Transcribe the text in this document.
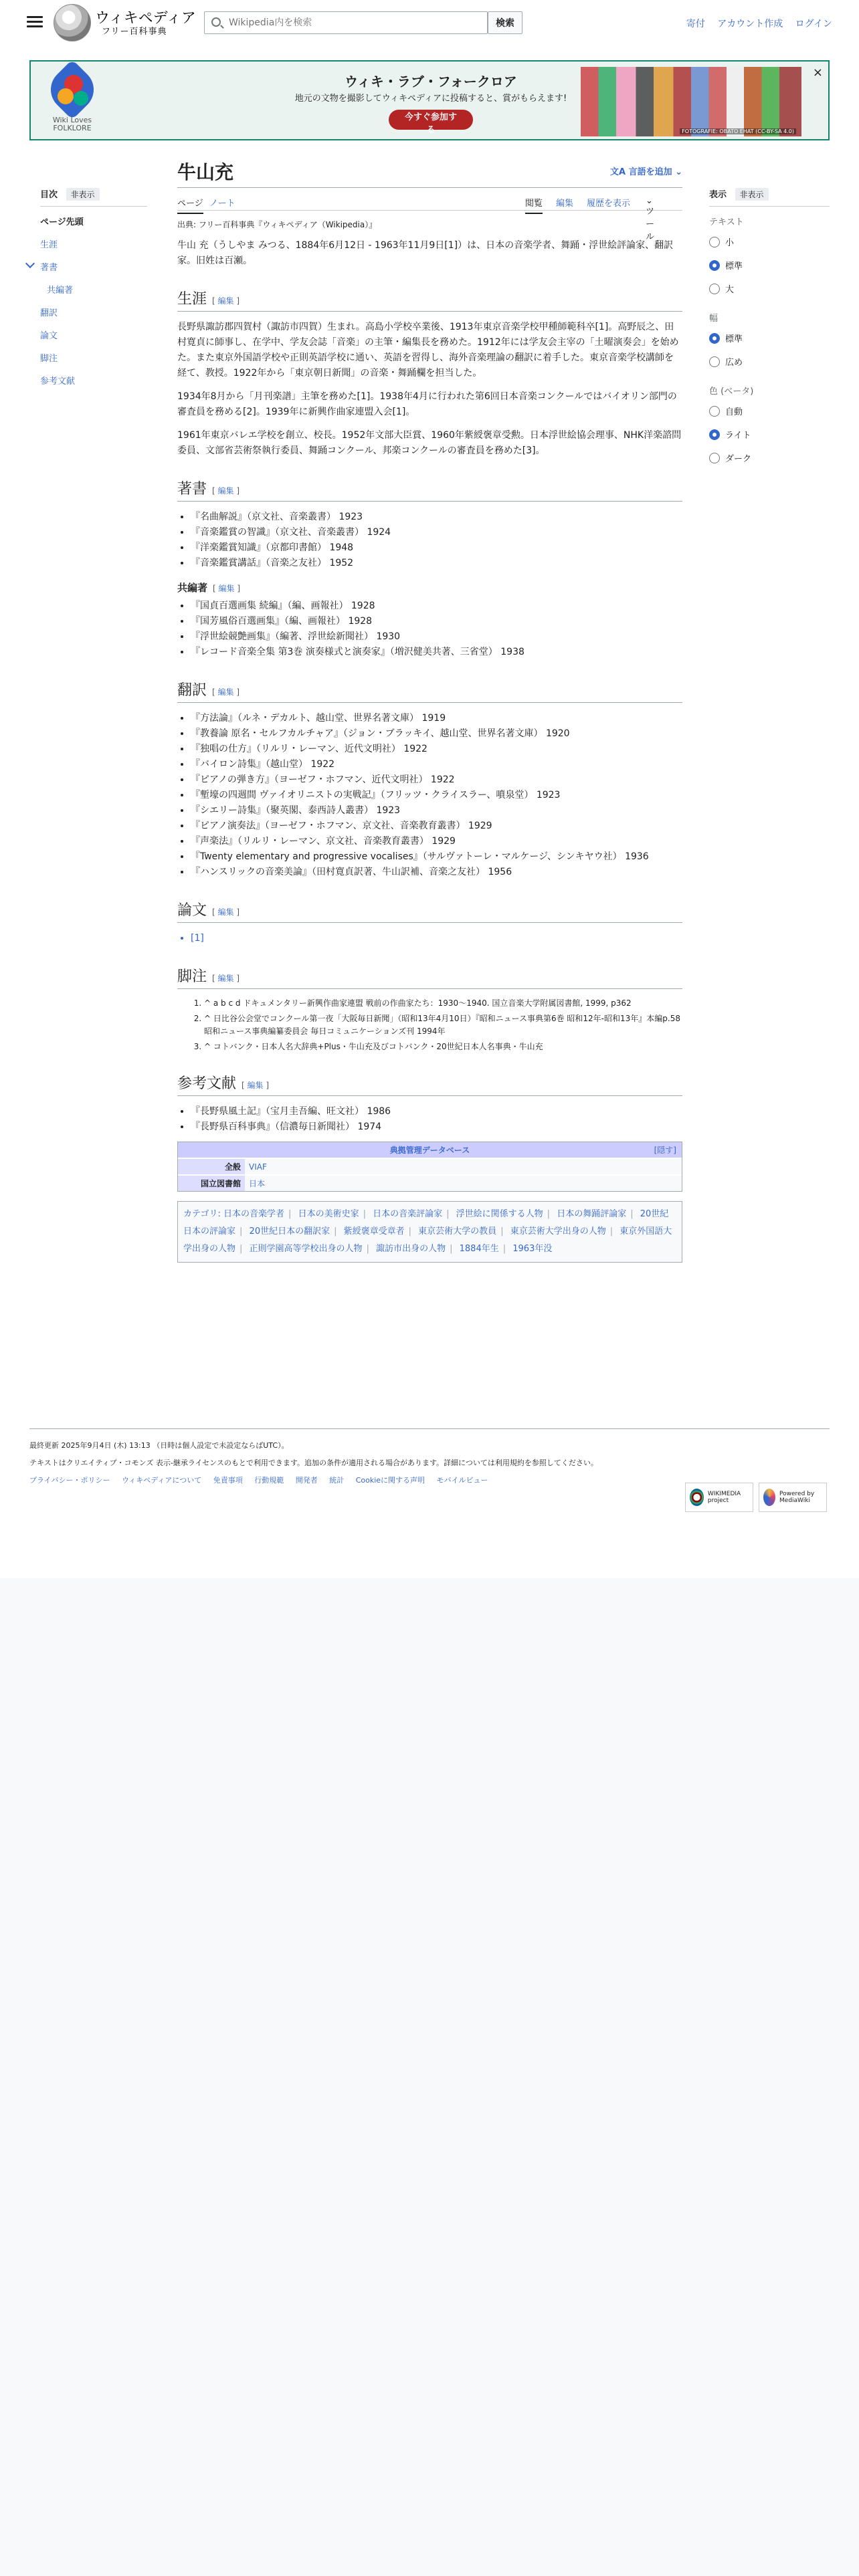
ウィキペディア
フリー百科事典
Wikipedia内を検索
検索	寄付 アカウント作成 ログイン
Wiki Loves
FOLKLORE
ウィキ・ラブ・フォークロア
地元の文物を撮影してウィキペディアに投稿すると、賞がもらえます!
今すぐ参加する	FOTOGRAFIE: OBATO EHAT (CC-BY-SA 4.0)
×
目次 非表示
ページ先頭
生涯
著書
共編著
翻訳
論文
脚注
参考文献
表示 非表示
テキスト
小
標準
大
幅
標準
広め
色 (ベータ)
自動
ライト
ダーク
牛山充	文A 言語を追加 ⌄
ページ ノート	閲覧 編集 履歴を表示
ツール
⌄
出典: フリー百科事典『ウィキペディア（Wikipedia）』

牛山 充（うしやま みつる、1884年6月12日 - 1963年11月9日[1]）は、日本の音楽学者、舞踊・浮世絵評論家、翻訳家。旧姓は百瀬。

生涯 [ 編集 ]

長野県諏訪郡四賀村（諏訪市四賀）生まれ。高島小学校卒業後、1913年東京音楽学校甲種師範科卒[1]。高野辰之、田村寛貞に師事し、在学中、学友会誌「音楽」の主筆・編集長を務めた。1912年には学友会主宰の「土曜演奏会」を始めた。また東京外国語学校や正則英語学校に通い、英語を習得し、海外音楽理論の翻訳に着手した。東京音楽学校講師を経て、教授。1922年から「東京朝日新聞」の音楽・舞踊欄を担当した。

1934年8月から「月刊楽譜」主筆を務めた[1]。1938年4月に行われた第6回日本音楽コンクールではバイオリン部門の審査員を務める[2]。1939年に新興作曲家連盟入会[1]。

1961年東京バレエ学校を創立、校長。1952年文部大臣賞、1960年紫綬褒章受勲。日本浮世絵協会理事、NHK洋楽諮問委員、文部省芸術祭執行委員、舞踊コンクール、邦楽コンクールの審査員を務めた[3]。

著書 [ 編集 ]
• 『名曲解説』（京文社、音楽叢書） 1923
• 『音楽鑑賞の智識』（京文社、音楽叢書） 1924
• 『洋楽鑑賞知識』（京都印書館） 1948
• 『音楽鑑賞講話』（音楽之友社） 1952
共編著 [ 編集 ]
• 『国貞百選画集 続編』（編、画報社） 1928
• 『国芳風俗百選画集』（編、画報社） 1928
• 『浮世絵競艶画集』（編著、浮世絵新聞社） 1930
• 『レコード音楽全集 第3巻 演奏様式と演奏家』（増沢健美共著、三省堂） 1938
翻訳 [ 編集 ]
• 『方法論』（ルネ・デカルト、越山堂、世界名著文庫） 1919
• 『教養論 原名・セルフカルチャア』（ジョン・ブラッキイ、越山堂、世界名著文庫） 1920
• 『独唱の仕方』（リルリ・レーマン、近代文明社） 1922
• 『バイロン詩集』（越山堂） 1922
• 『ピアノの弾き方』（ヨーゼフ・ホフマン、近代文明社） 1922
• 『塹壕の四週間 ヴァイオリニストの実戦記』（フリッツ・クライスラー、噴泉堂） 1923
• 『シエリー詩集』（聚英閣、泰西詩人叢書） 1923
• 『ピアノ演奏法』（ヨーゼフ・ホフマン、京文社、音楽教育叢書） 1929
• 『声楽法』（リルリ・レーマン、京文社、音楽教育叢書） 1929
• 『Twenty elementary and progressive vocalises』（サルヴァトーレ・マルケージ、シンキヤウ社） 1936
• 『ハンスリックの音楽美論』（田村寛貞訳著、牛山訳補、音楽之友社） 1956
論文 [ 編集 ]
• [1]
脚注 [ 編集 ]
1. ^ a b c d ドキュメンタリー新興作曲家連盟 戦前の作曲家たち：1930～1940. 国立音楽大学附属図書館, 1999, p362
2. ^ 日比谷公会堂でコンクール第一夜「大阪毎日新聞」（昭和13年4月10日）『昭和ニュース事典第6巻 昭和12年-昭和13年』本編p.58 昭和ニュース事典編纂委員会 毎日コミュニケーションズ刊 1994年
3. ^ コトバンク・日本人名大辞典+Plus・牛山充及びコトバンク・20世紀日本人名事典・牛山充
参考文献 [ 編集 ]
• 『長野県風土記』（宝月圭吾編、旺文社） 1986
• 『長野県百科事典』（信濃毎日新聞社） 1974
典拠管理データベース	[隠す]
全般	VIAF
国立図書館	日本
カテゴリ: 日本の音楽学者 | 日本の美術史家 | 日本の音楽評論家 | 浮世絵に関係する人物 | 日本の舞踊評論家 | 20世紀日本の評論家 | 20世紀日本の翻訳家 | 紫綬褒章受章者 | 東京芸術大学の教員 | 東京芸術大学出身の人物 | 東京外国語大学出身の人物 | 正則学園高等学校出身の人物 | 諏訪市出身の人物 | 1884年生 | 1963年没
最終更新 2025年9月4日 (木) 13:13 （日時は個人設定で未設定ならばUTC）。
テキストはクリエイティブ・コモンズ 表示-継承ライセンスのもとで利用できます。追加の条件が適用される場合があります。詳細については利用規約を参照してください。
プライバシー・ポリシー ウィキペディアについて 免責事項 行動規範 開発者 統計 Cookieに関する声明 モバイルビュー
WIKIMEDIA project
Powered by MediaWiki
